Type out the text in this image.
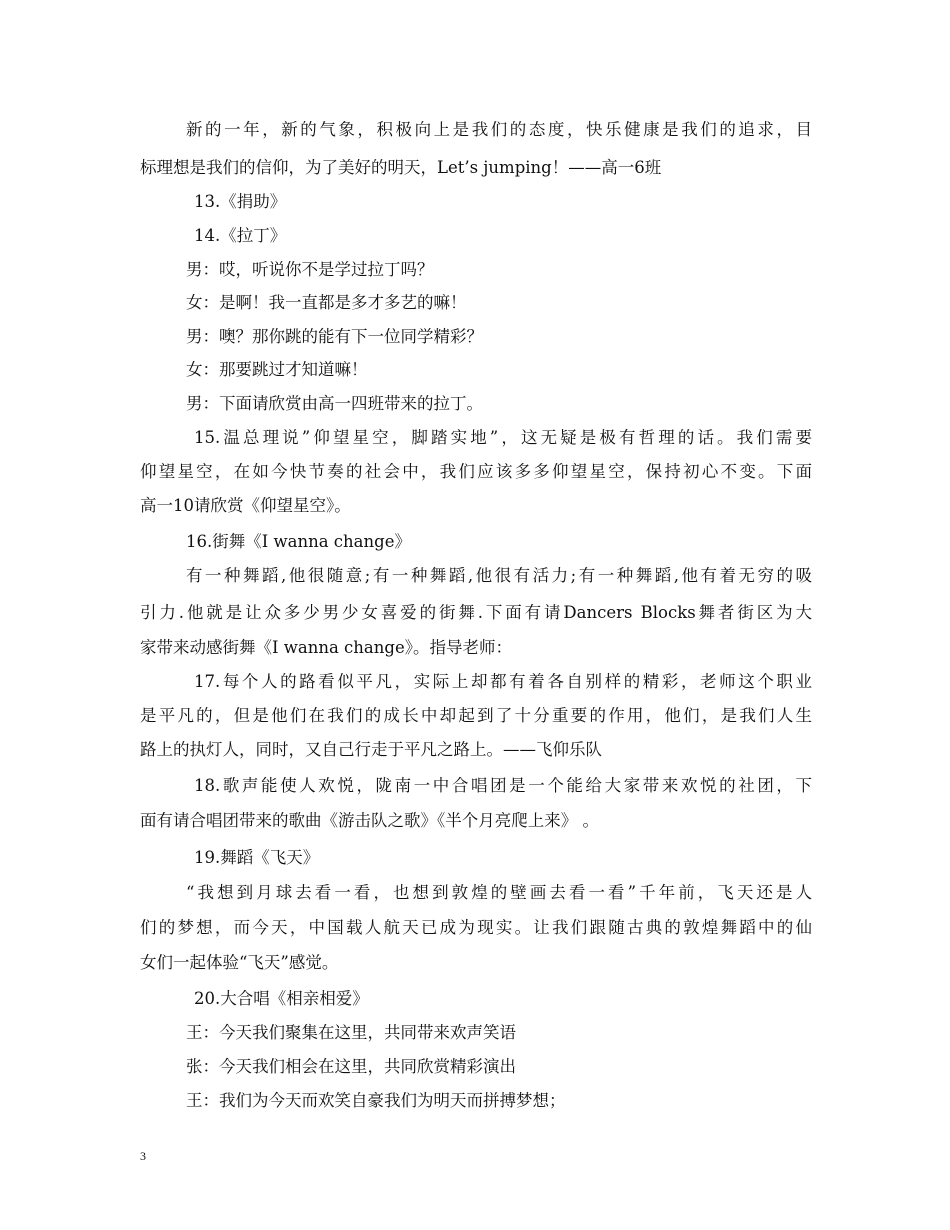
新的一年，新的气象，积极向上是我们的态度，快乐健康是我们的追求，目
标理想是我们的信仰，为了美好的明天，Let’s jumping！——高一6班
13.《捐助》
14.《拉丁》
男：哎，听说你不是学过拉丁吗？
女：是啊！我一直都是多才多艺的嘛！
男：噢？那你跳的能有下一位同学精彩？
女：那要跳过才知道嘛！
男：下面请欣赏由高一四班带来的拉丁。
15.温总理说”仰望星空，脚踏实地”，这无疑是极有哲理的话。我们需要
仰望星空，在如今快节奏的社会中，我们应该多多仰望星空，保持初心不变。下面
高一10请欣赏《仰望星空》。
16.街舞《I wanna change》
有一种舞蹈,他很随意;有一种舞蹈,他很有活力;有一种舞蹈,他有着无穷的吸
引力.他就是让众多少男少女喜爱的街舞.下面有请Dancers Blocks舞者街区为大
家带来动感街舞《I wanna change》。指导老师：
17.每个人的路看似平凡，实际上却都有着各自别样的精彩，老师这个职业
是平凡的，但是他们在我们的成长中却起到了十分重要的作用，他们，是我们人生
路上的执灯人，同时，又自己行走于平凡之路上。——飞仰乐队
18.歌声能使人欢悦，陇南一中合唱团是一个能给大家带来欢悦的社团，下
面有请合唱团带来的歌曲《游击队之歌》《半个月亮爬上来》 。
19.舞蹈《飞天》
“我想到月球去看一看，也想到敦煌的壁画去看一看”千年前，飞天还是人
们的梦想，而今天，中国载人航天已成为现实。让我们跟随古典的敦煌舞蹈中的仙
女们一起体验“飞天”感觉。
20.大合唱《相亲相爱》
王：今天我们聚集在这里，共同带来欢声笑语
张：今天我们相会在这里，共同欣赏精彩演出
王：我们为今天而欢笑自豪我们为明天而拼搏梦想；
3
